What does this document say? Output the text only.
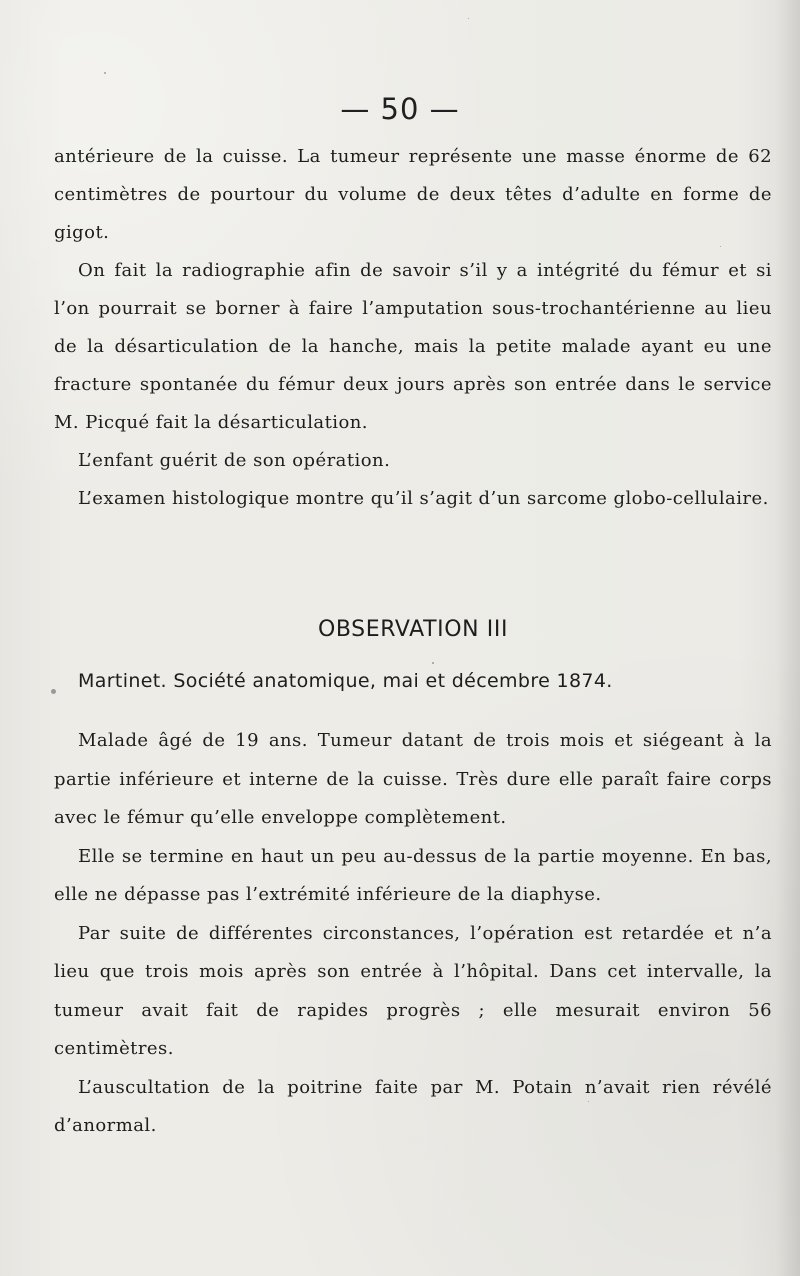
— 50 —

antérieure de la cuisse. La tumeur représente une masse énorme de 62 centimètres de pourtour du volume de deux têtes d’adulte en forme de gigot.

On fait la radiographie afin de savoir s’il y a intégrité du fémur et si l’on pourrait se borner à faire l’amputation sous-trochantérienne au lieu de la désarticulation de la hanche, mais la petite malade ayant eu une fracture spontanée du fémur deux jours après son entrée dans le service M. Picqué fait la désarticulation.

L’enfant guérit de son opération.

L’examen histologique montre qu’il s’agit d’un sarcome globo-cellulaire.

OBSERVATION III
Martinet. Société anatomique, mai et décembre 1874.

Malade âgé de 19 ans. Tumeur datant de trois mois et siégeant à la partie inférieure et interne de la cuisse. Très dure elle paraît faire corps avec le fémur qu’elle enveloppe complètement.

Elle se termine en haut un peu au-dessus de la partie moyenne. En bas, elle ne dépasse pas l’extrémité inférieure de la diaphyse.

Par suite de différentes circonstances, l’opération est retardée et n’a lieu que trois mois après son entrée à l’hôpital. Dans cet intervalle, la tumeur avait fait de rapides progrès ; elle mesurait environ 56 centimètres.

L’auscultation de la poitrine faite par M. Potain n’avait rien révélé d’anormal.
